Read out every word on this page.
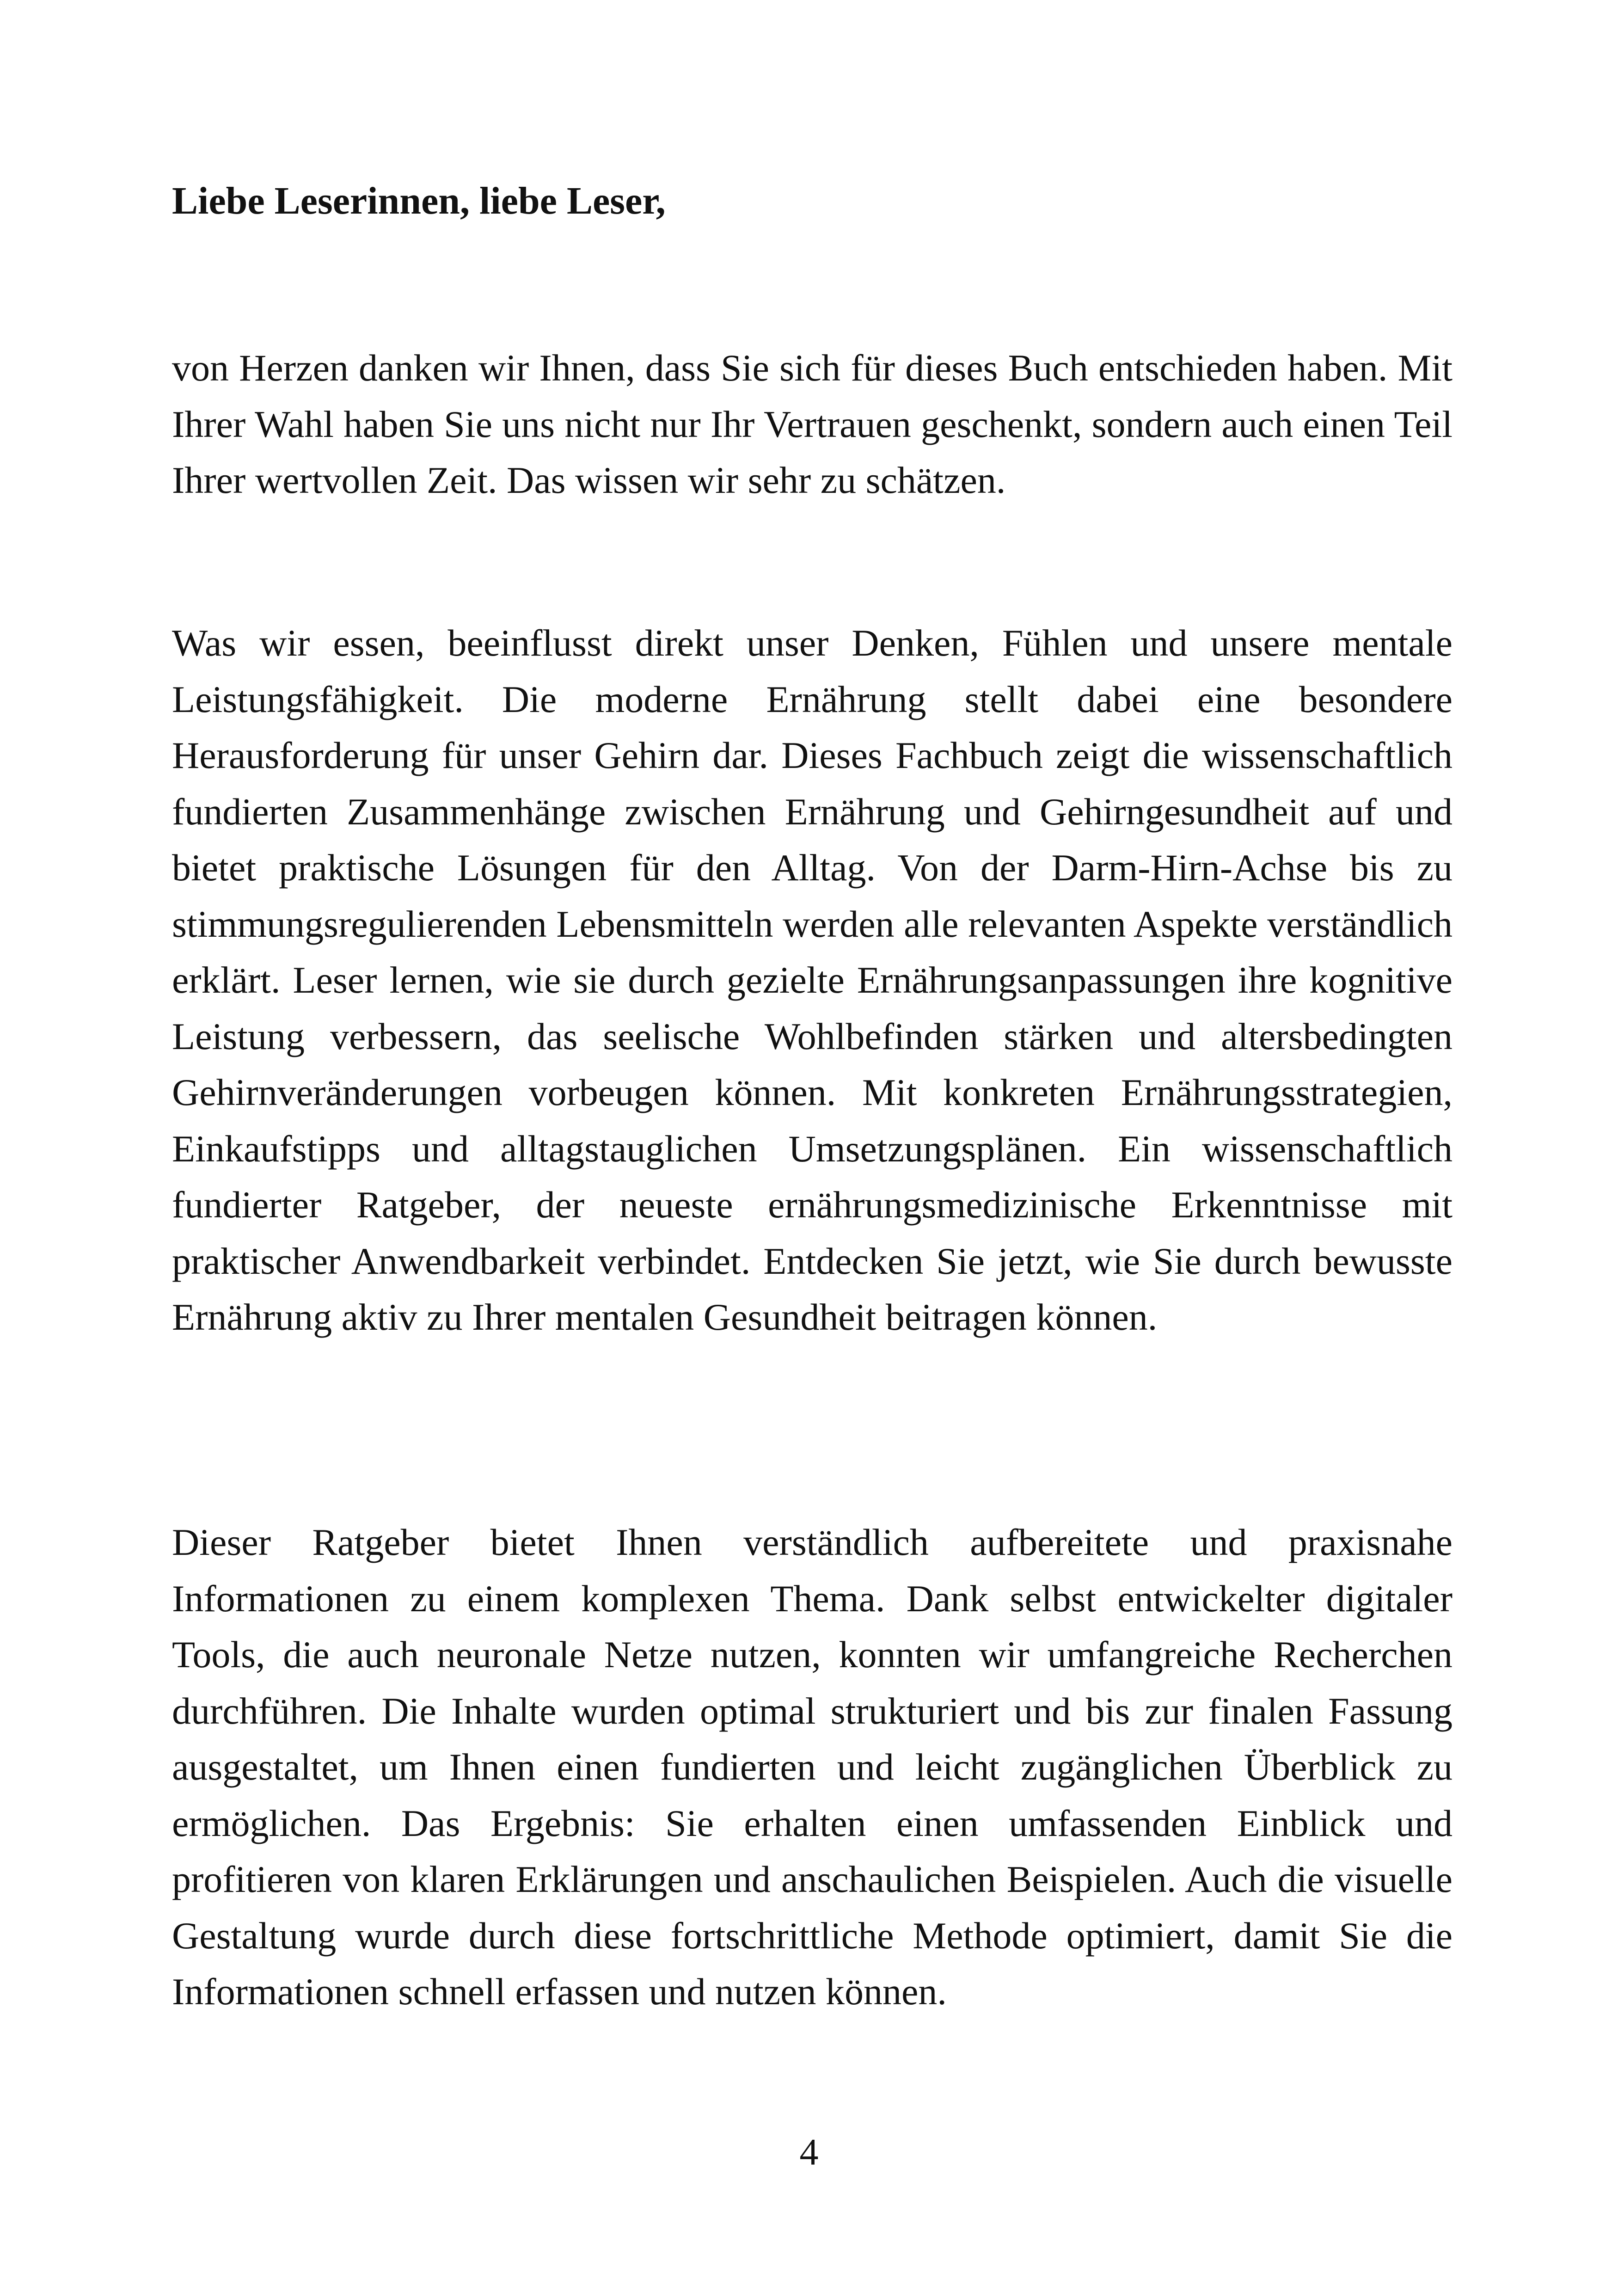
Liebe Leserinnen, liebe Leser,

von Herzen danken wir Ihnen, dass Sie sich für dieses Buch entschieden haben. Mit Ihrer Wahl haben Sie uns nicht nur Ihr Vertrauen geschenkt, sondern auch einen Teil Ihrer wertvollen Zeit. Das wissen wir sehr zu schätzen.

Was wir essen, beeinflusst direkt unser Denken, Fühlen und unsere mentale Leistungsfähigkeit. Die moderne Ernährung stellt dabei eine besondere Herausforderung für unser Gehirn dar. Dieses Fachbuch zeigt die wissenschaftlich fundierten Zusammenhänge zwischen Ernährung und Gehirngesundheit auf und bietet praktische Lösungen für den Alltag. Von der Darm-Hirn-Achse bis zu stimmungsregulierenden Lebensmitteln werden alle relevanten Aspekte verständlich erklärt. Leser lernen, wie sie durch gezielte Ernährungsanpassungen ihre kognitive Leistung verbessern, das seelische Wohlbefinden stärken und altersbedingten Gehirnveränderungen vorbeugen können. Mit konkreten Ernährungsstrategien, Einkaufstipps und alltagstauglichen Umsetzungsplänen. Ein wissenschaftlich fundierter Ratgeber, der neueste ernährungsmedizinische Erkenntnisse mit praktischer Anwendbarkeit verbindet. Entdecken Sie jetzt, wie Sie durch bewusste Ernährung aktiv zu Ihrer mentalen Gesundheit beitragen können.

Dieser Ratgeber bietet Ihnen verständlich aufbereitete und praxisnahe Informationen zu einem komplexen Thema. Dank selbst entwickelter digitaler Tools, die auch neuronale Netze nutzen, konnten wir umfangreiche Recherchen durchführen. Die Inhalte wurden optimal strukturiert und bis zur finalen Fassung ausgestaltet, um Ihnen einen fundierten und leicht zugänglichen Überblick zu ermöglichen. Das Ergebnis: Sie erhalten einen umfassenden Einblick und profitieren von klaren Erklärungen und anschaulichen Beispielen. Auch die visuelle Gestaltung wurde durch diese fortschrittliche Methode optimiert, damit Sie die Informationen schnell erfassen und nutzen können.

4
